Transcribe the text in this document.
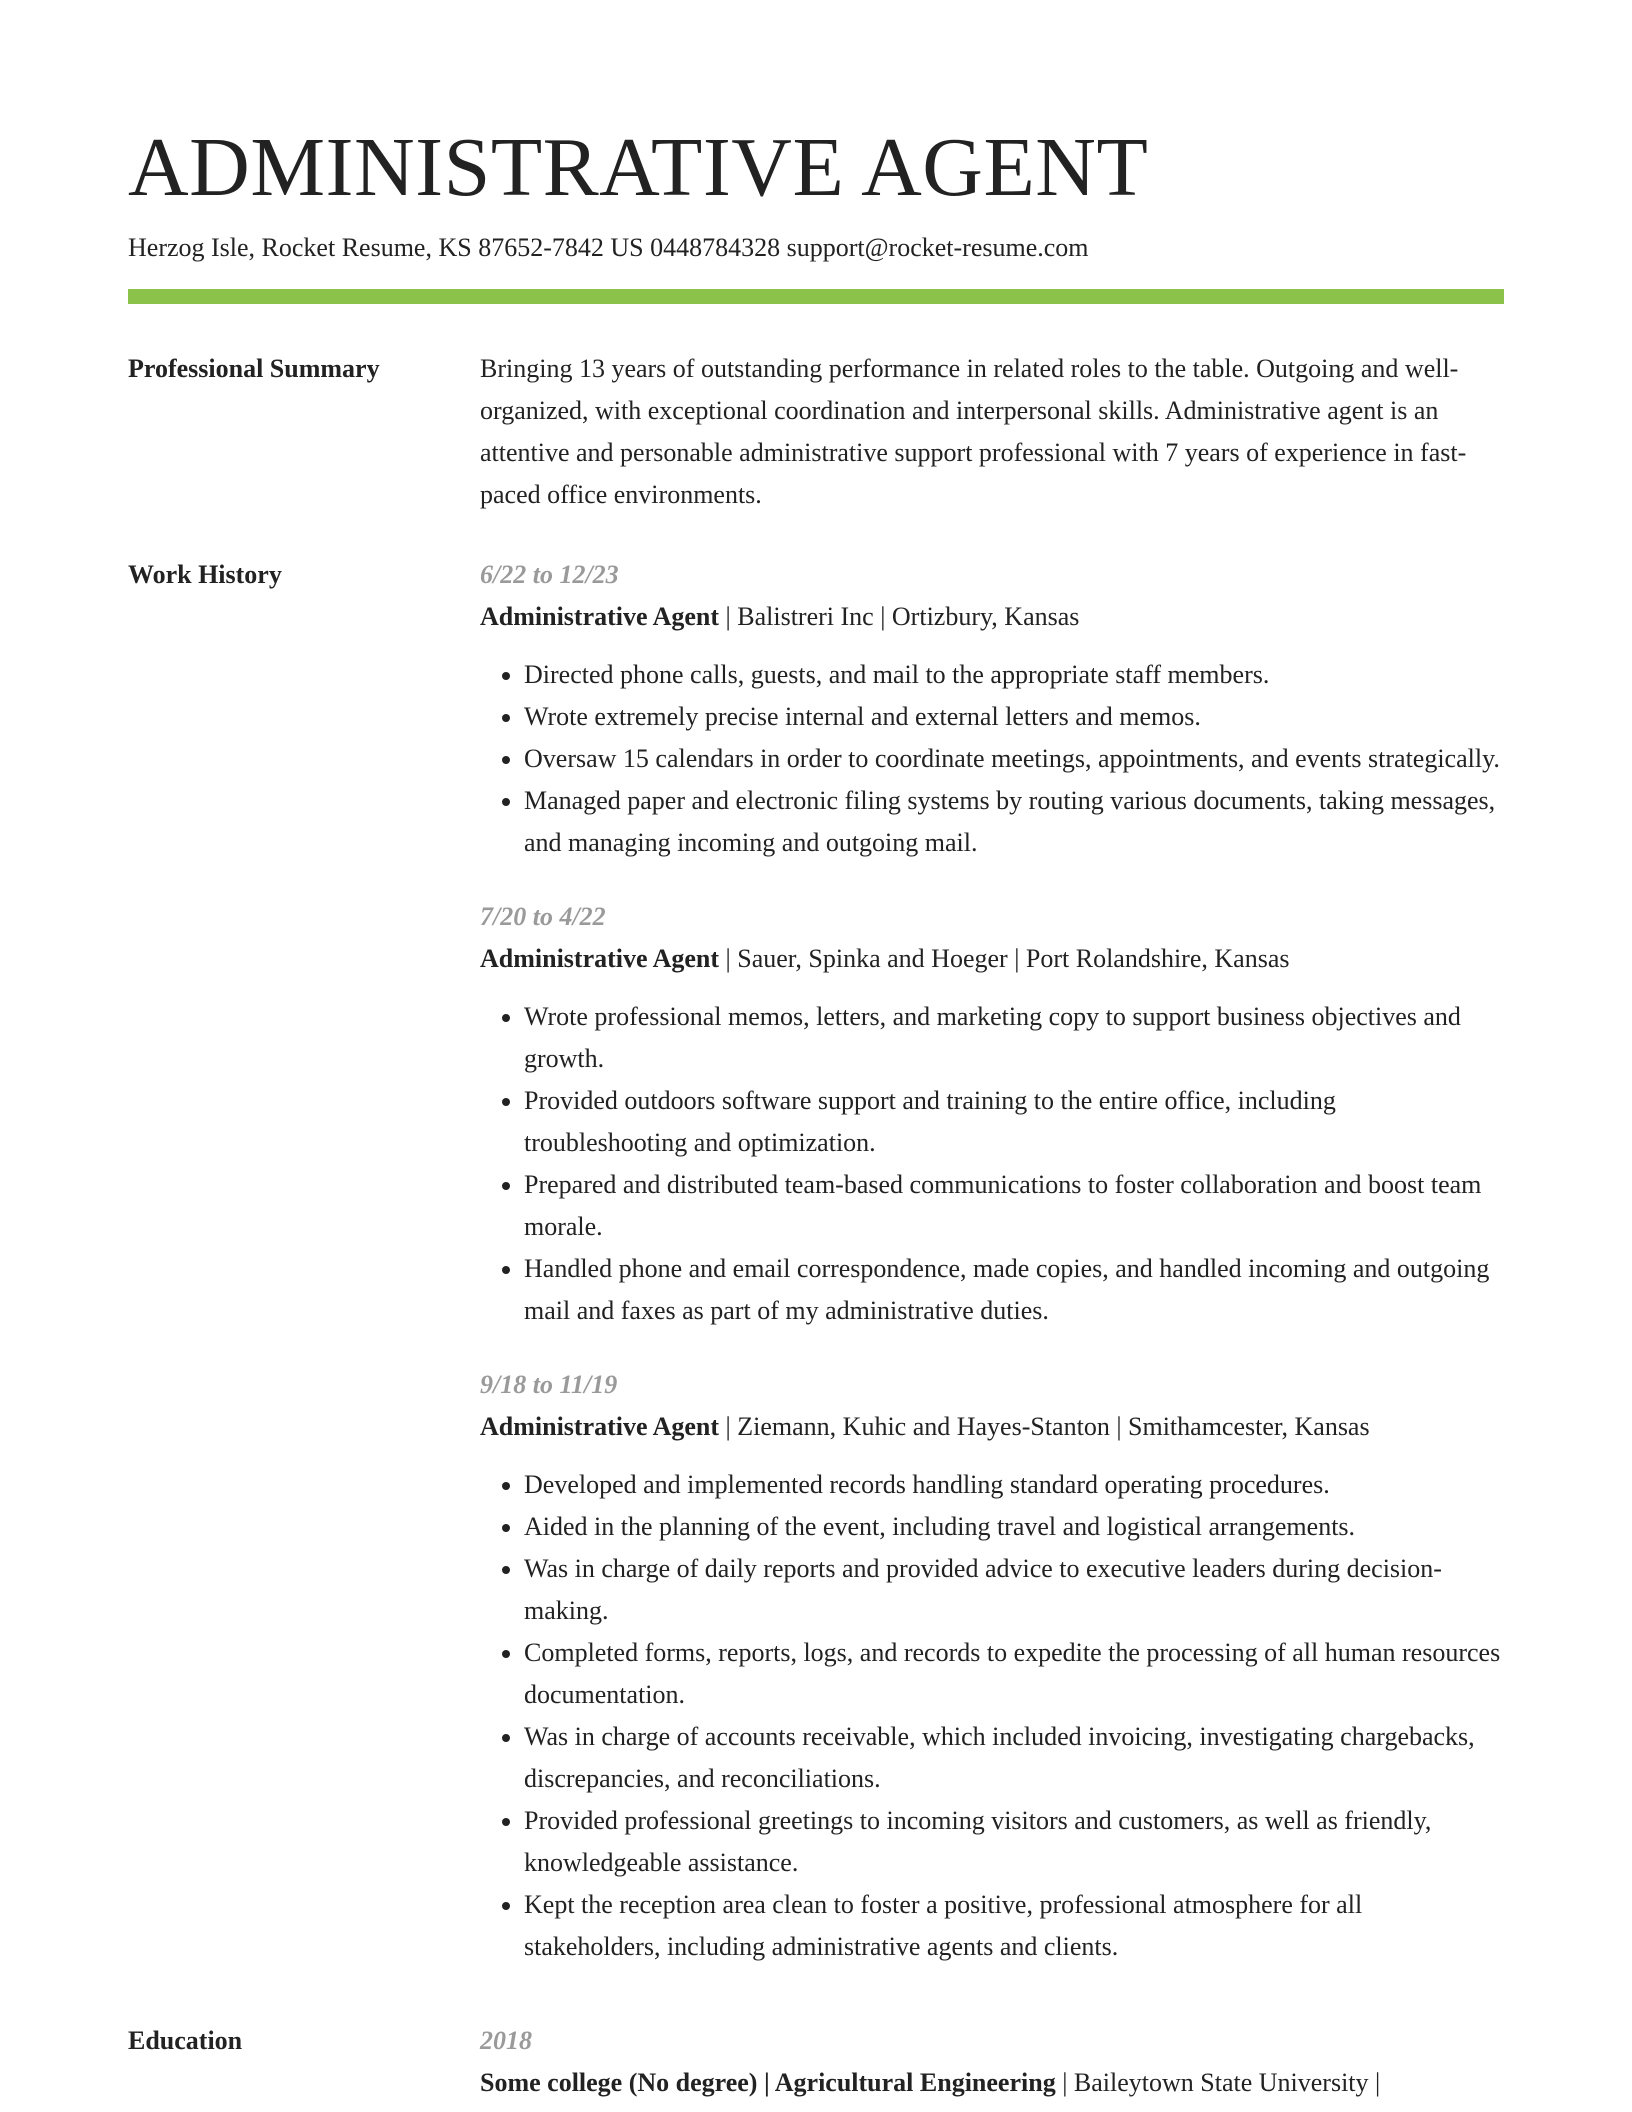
ADMINISTRATIVE AGENT
Herzog Isle, Rocket Resume, KS 87652-7842 US 0448784328 support@rocket-resume.com
Professional Summary	Bringing 13 years of outstanding performance in related roles to the table. Outgoing and well-organized, with exceptional coordination and interpersonal skills. Administrative agent is an attentive and personable administrative support professional with 7 years of experience in fast-paced office environments.

Work History	6/22 to 12/23
Administrative Agent | Balistreri Inc | Ortizbury, Kansas
• Directed phone calls, guests, and mail to the appropriate staff members.
• Wrote extremely precise internal and external letters and memos.
• Oversaw 15 calendars in order to coordinate meetings, appointments, and events strategically.
• Managed paper and electronic filing systems by routing various documents, taking messages, and managing incoming and outgoing mail.
7/20 to 4/22
Administrative Agent | Sauer, Spinka and Hoeger | Port Rolandshire, Kansas
• Wrote professional memos, letters, and marketing copy to support business objectives and growth.
• Provided outdoors software support and training to the entire office, including troubleshooting and optimization.
• Prepared and distributed team-based communications to foster collaboration and boost team morale.
• Handled phone and email correspondence, made copies, and handled incoming and outgoing mail and faxes as part of my administrative duties.
9/18 to 11/19
Administrative Agent | Ziemann, Kuhic and Hayes-Stanton | Smithamcester, Kansas
• Developed and implemented records handling standard operating procedures.
• Aided in the planning of the event, including travel and logistical arrangements.
• Was in charge of daily reports and provided advice to executive leaders during decision-making.
• Completed forms, reports, logs, and records to expedite the processing of all human resources documentation.
• Was in charge of accounts receivable, which included invoicing, investigating chargebacks, discrepancies, and reconciliations.
• Provided professional greetings to incoming visitors and customers, as well as friendly, knowledgeable assistance.
• Kept the reception area clean to foster a positive, professional atmosphere for all stakeholders, including administrative agents and clients.
Education	2018
Some college (No degree) | Agricultural Engineering | Baileytown State University |
